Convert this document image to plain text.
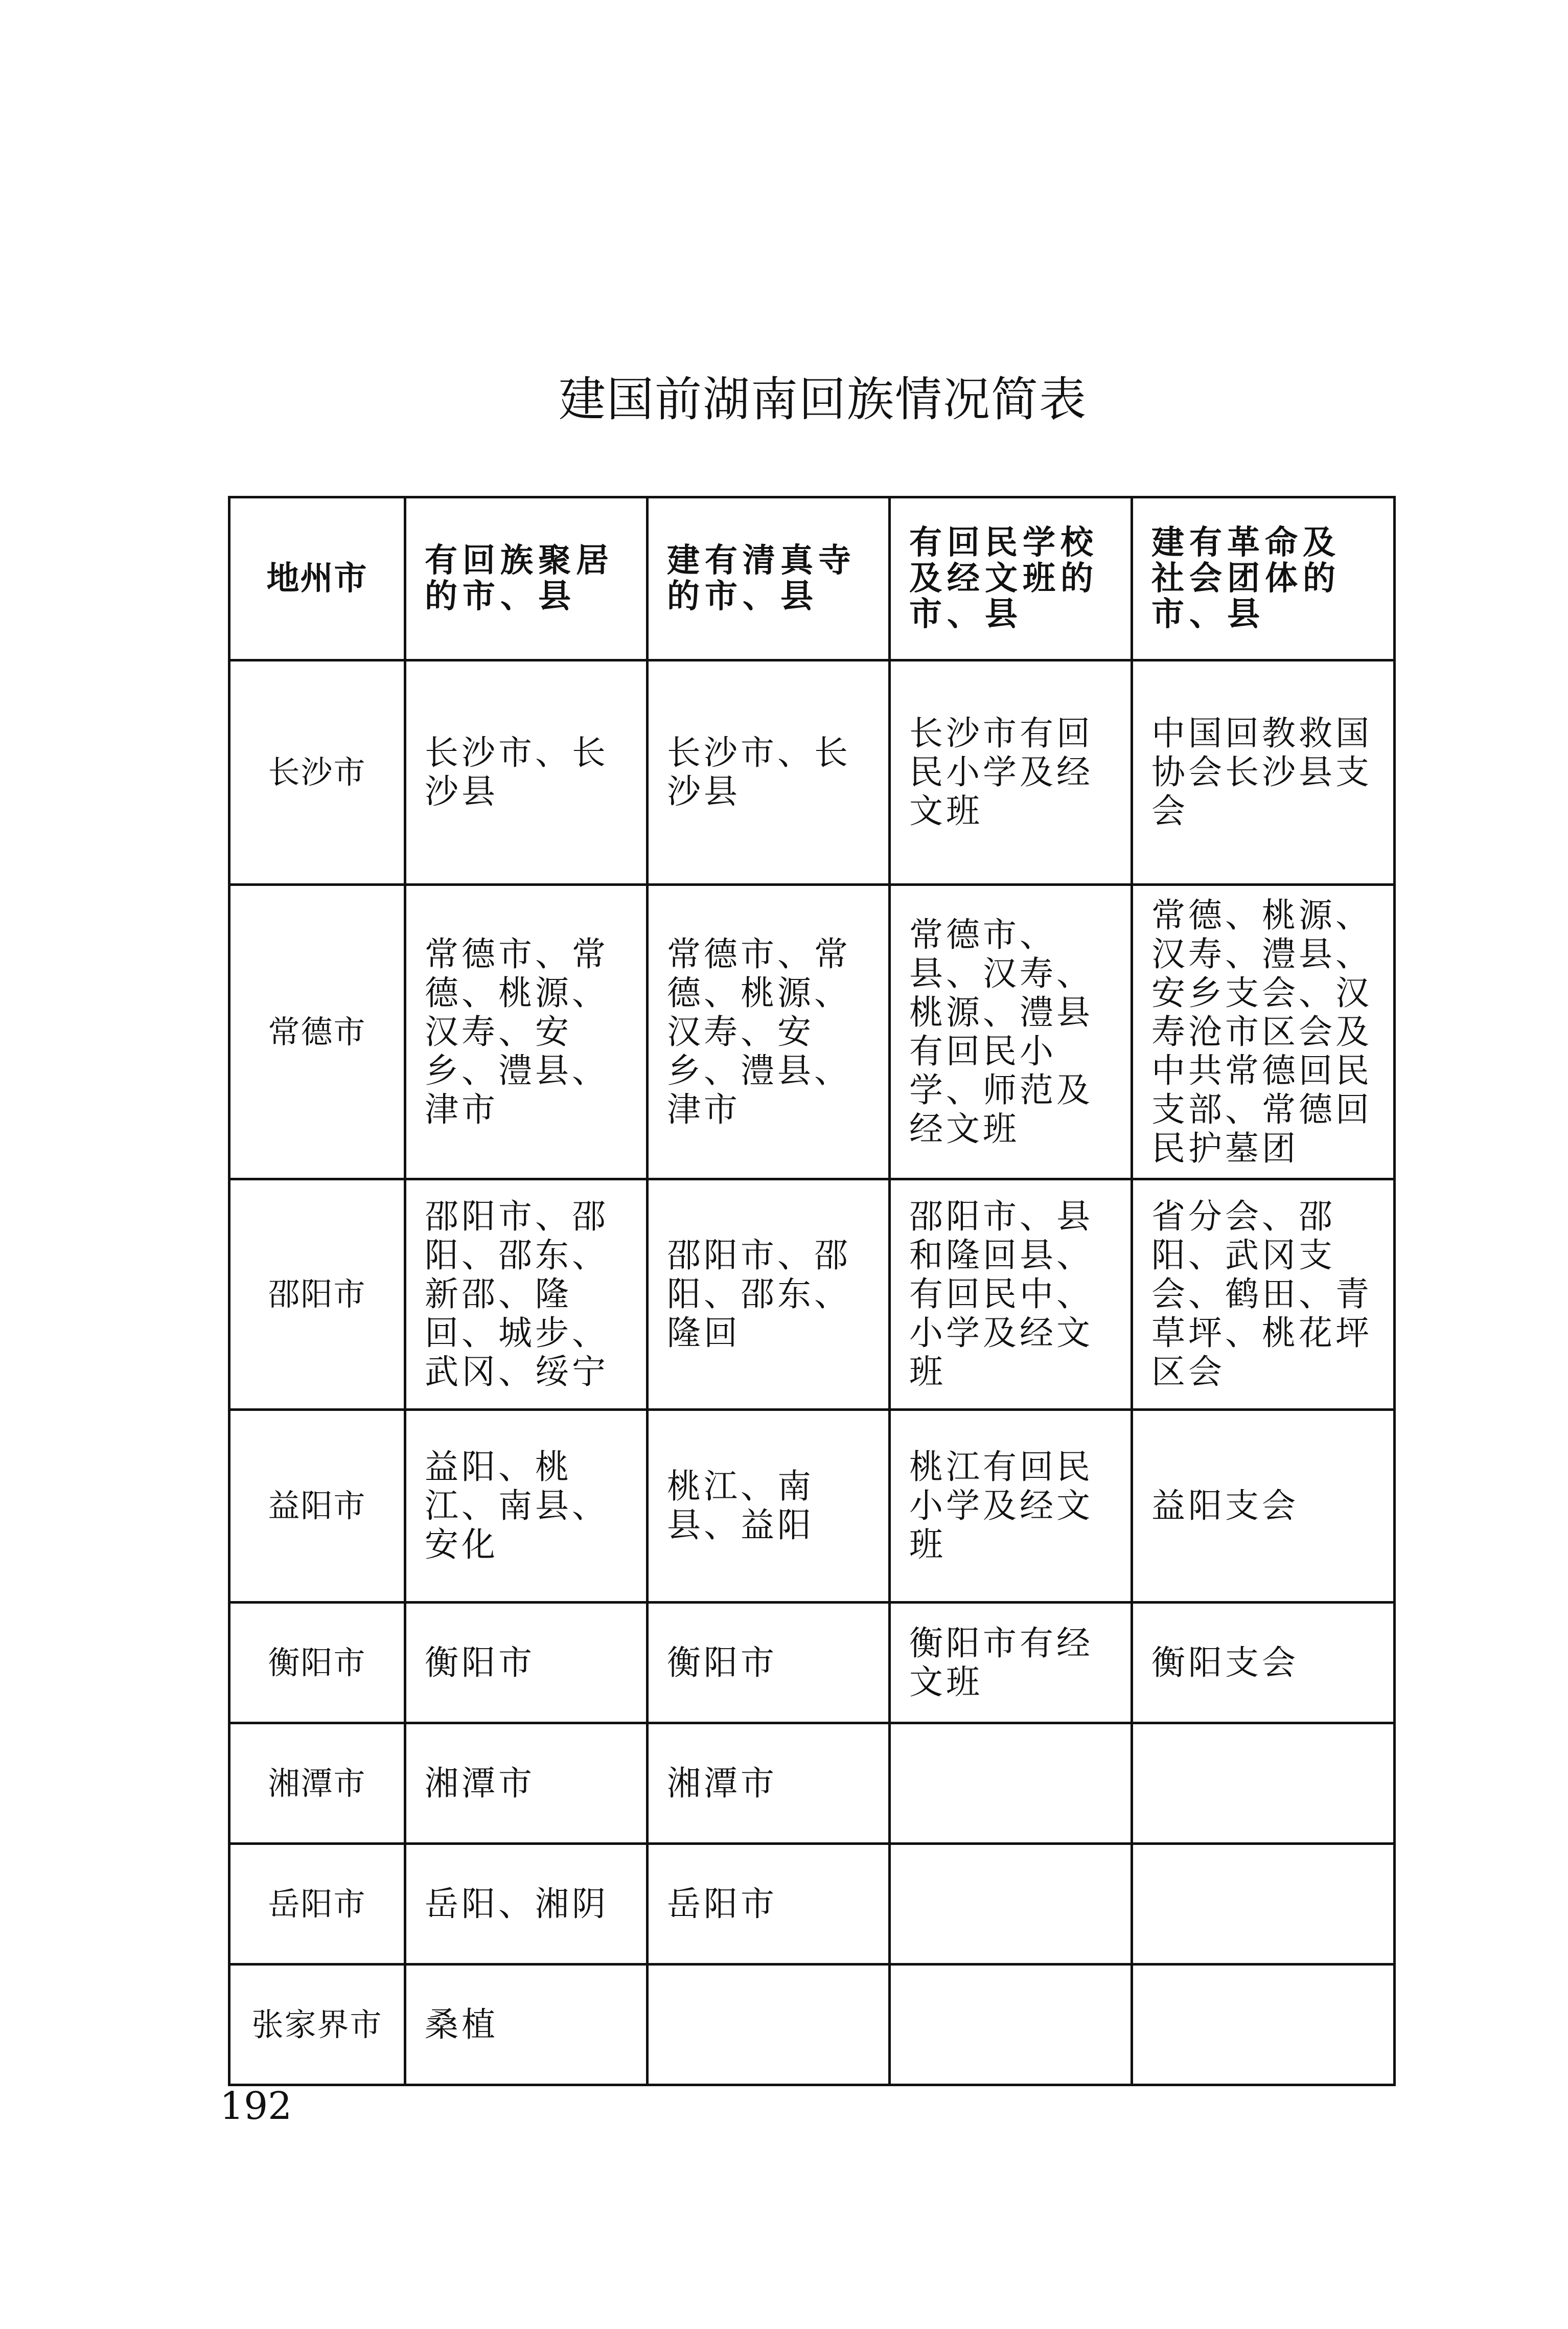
建国前湖南回族情况简表
地州市	有回族聚居的市、县	建有清真寺的市、县	有回民学校及经文班的市、县	建有革命及社会团体的市、县
长沙市	长沙市、长沙县	长沙市、长沙县	长沙市有回民小学及经文班	中国回教救国协会长沙县支会
常德市	常德市、常德、桃源、汉寿、安乡、澧县、津市	常德市、常德、桃源、汉寿、安乡、澧县、津市	常德市、县、汉寿、桃源、澧县有回民小学、师范及经文班	常德、桃源、汉寿、澧县、安乡支会、汉寿沧市区会及中共常德回民支部、常德回民护墓团
邵阳市	邵阳市、邵阳、邵东、新邵、隆回、城步、武冈、绥宁	邵阳市、邵阳、邵东、隆回	邵阳市、县和隆回县、有回民中、小学及经文班	省分会、邵阳、武冈支会、鹤田、青草坪、桃花坪区会
益阳市	益阳、桃江、南县、安化	桃江、南县、益阳	桃江有回民小学及经文班	益阳支会
衡阳市	衡阳市	衡阳市	衡阳市有经文班	衡阳支会
湘潭市	湘潭市	湘潭市		
岳阳市	岳阳、湘阴	岳阳市		
张家界市	桑植			
192
